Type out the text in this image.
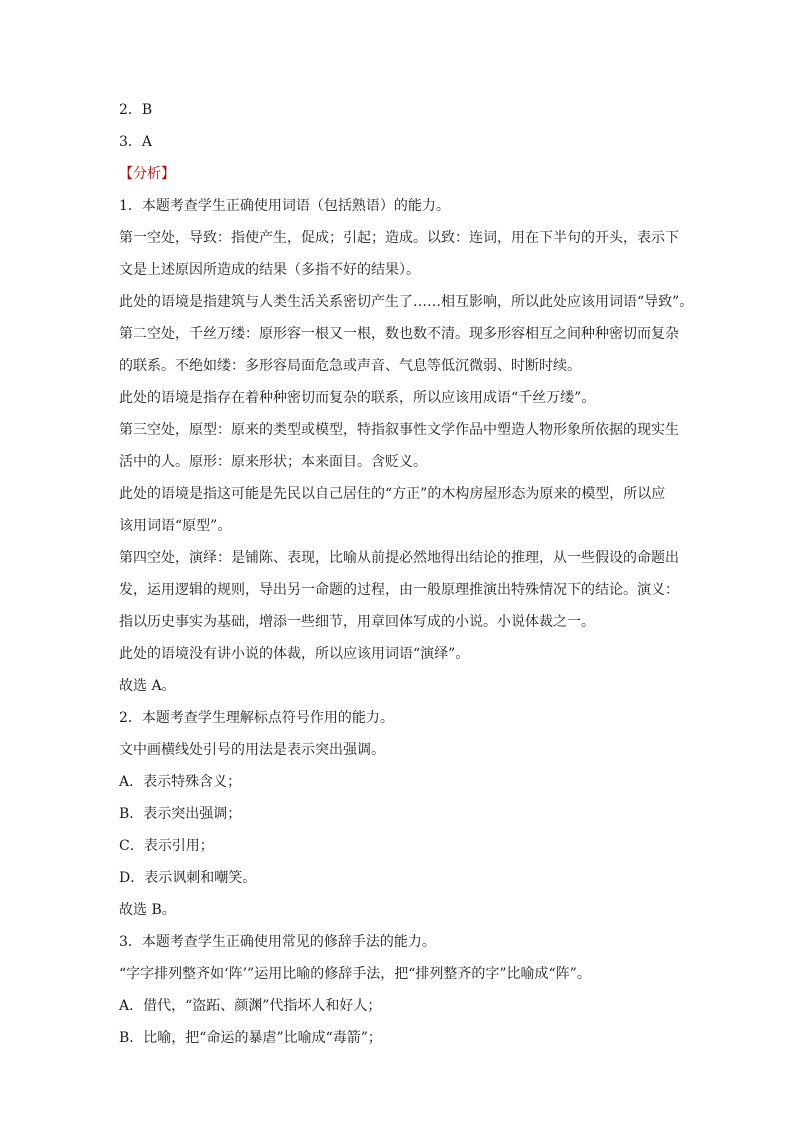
2．B
3．A
【分析】
1．本题考查学生正确使用词语（包括熟语）的能力。
第一空处，导致：指使产生，促成；引起；造成。以致：连词，用在下半句的开头，表示下
文是上述原因所造成的结果（多指不好的结果）。
此处的语境是指建筑与人类生活关系密切产生了……相互影响，所以此处应该用词语“导致”。
第二空处，千丝万缕：原形容一根又一根，数也数不清。现多形容相互之间种种密切而复杂
的联系。不绝如缕：多形容局面危急或声音、气息等低沉微弱、时断时续。
此处的语境是指存在着种种密切而复杂的联系，所以应该用成语“千丝万缕”。
第三空处，原型：原来的类型或模型，特指叙事性文学作品中塑造人物形象所依据的现实生
活中的人。原形：原来形状；本来面目。含贬义。
此处的语境是指这可能是先民以自己居住的“方正”的木构房屋形态为原来的模型，所以应
该用词语“原型”。
第四空处，演绎：是铺陈、表现，比喻从前提必然地得出结论的推理，从一些假设的命题出
发，运用逻辑的规则，导出另一命题的过程，由一般原理推演出特殊情况下的结论。演义：
指以历史事实为基础，增添一些细节，用章回体写成的小说。小说体裁之一。
此处的语境没有讲小说的体裁，所以应该用词语“演绎”。
故选 A。
2．本题考查学生理解标点符号作用的能力。
文中画横线处引号的用法是表示突出强调。
A．表示特殊含义；
B．表示突出强调；
C．表示引用；
D．表示讽刺和嘲笑。
故选 B。
3．本题考查学生正确使用常见的修辞手法的能力。
“字字排列整齐如‘阵’”运用比喻的修辞手法，把“排列整齐的字”比喻成“阵”。
A．借代，“盗跖、颜渊”代指坏人和好人；
B．比喻，把“命运的暴虐”比喻成“毒箭”；
